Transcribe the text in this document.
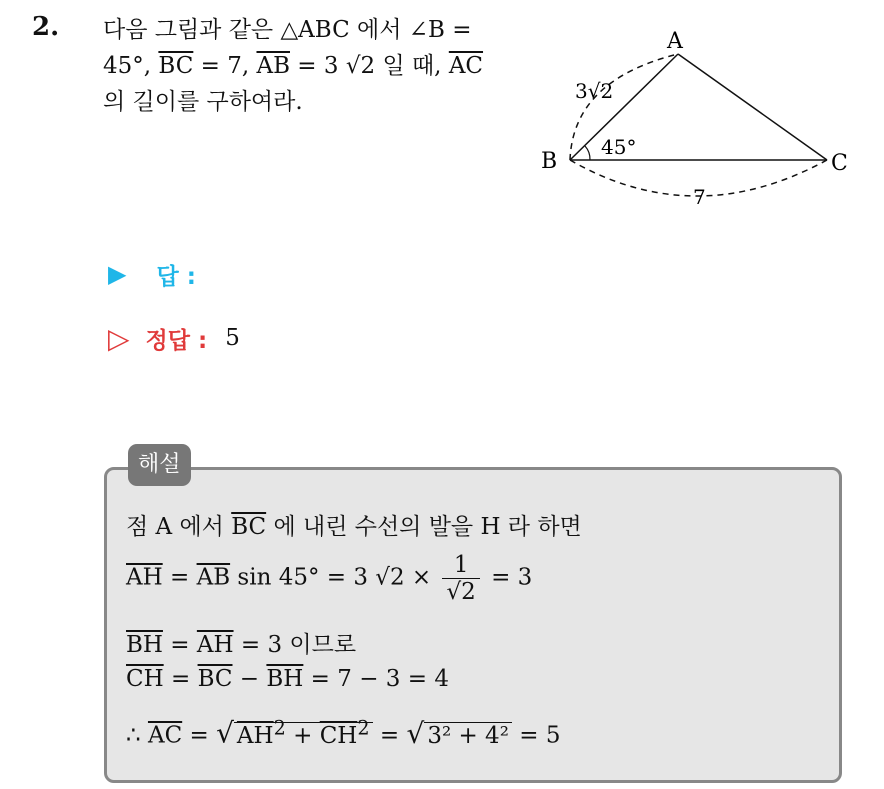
2. 다음 그림과 같은 △ABC 에서 ∠B =
45°, $\overline{BC} = 7$, $\overline{AB} = 3$ √2 일 때, $\overline{AC}$
의 길이를 구하여라.
A
B	C
3√2
45°
7
▶ 답 :
▷ 정답 : 5
해설
점 A 에서 $\overline{BC}$ 에 내린 수선의 발을 H 라 하면
$\overline{AH} = \overline{AB}$ sin 45° = 3 $√2 \times \frac{1}{√2} = 3$
$\overline{BH} = \overline{AH} = 3$ 이므로
$\overline{CH} = \overline{BC} - \overline{BH} = 7 - 3 = 4$
∴ $\overline{AC}$ = √ $AH^2 + \overline{CH}^2$ = √ 3² + 4² = 5
